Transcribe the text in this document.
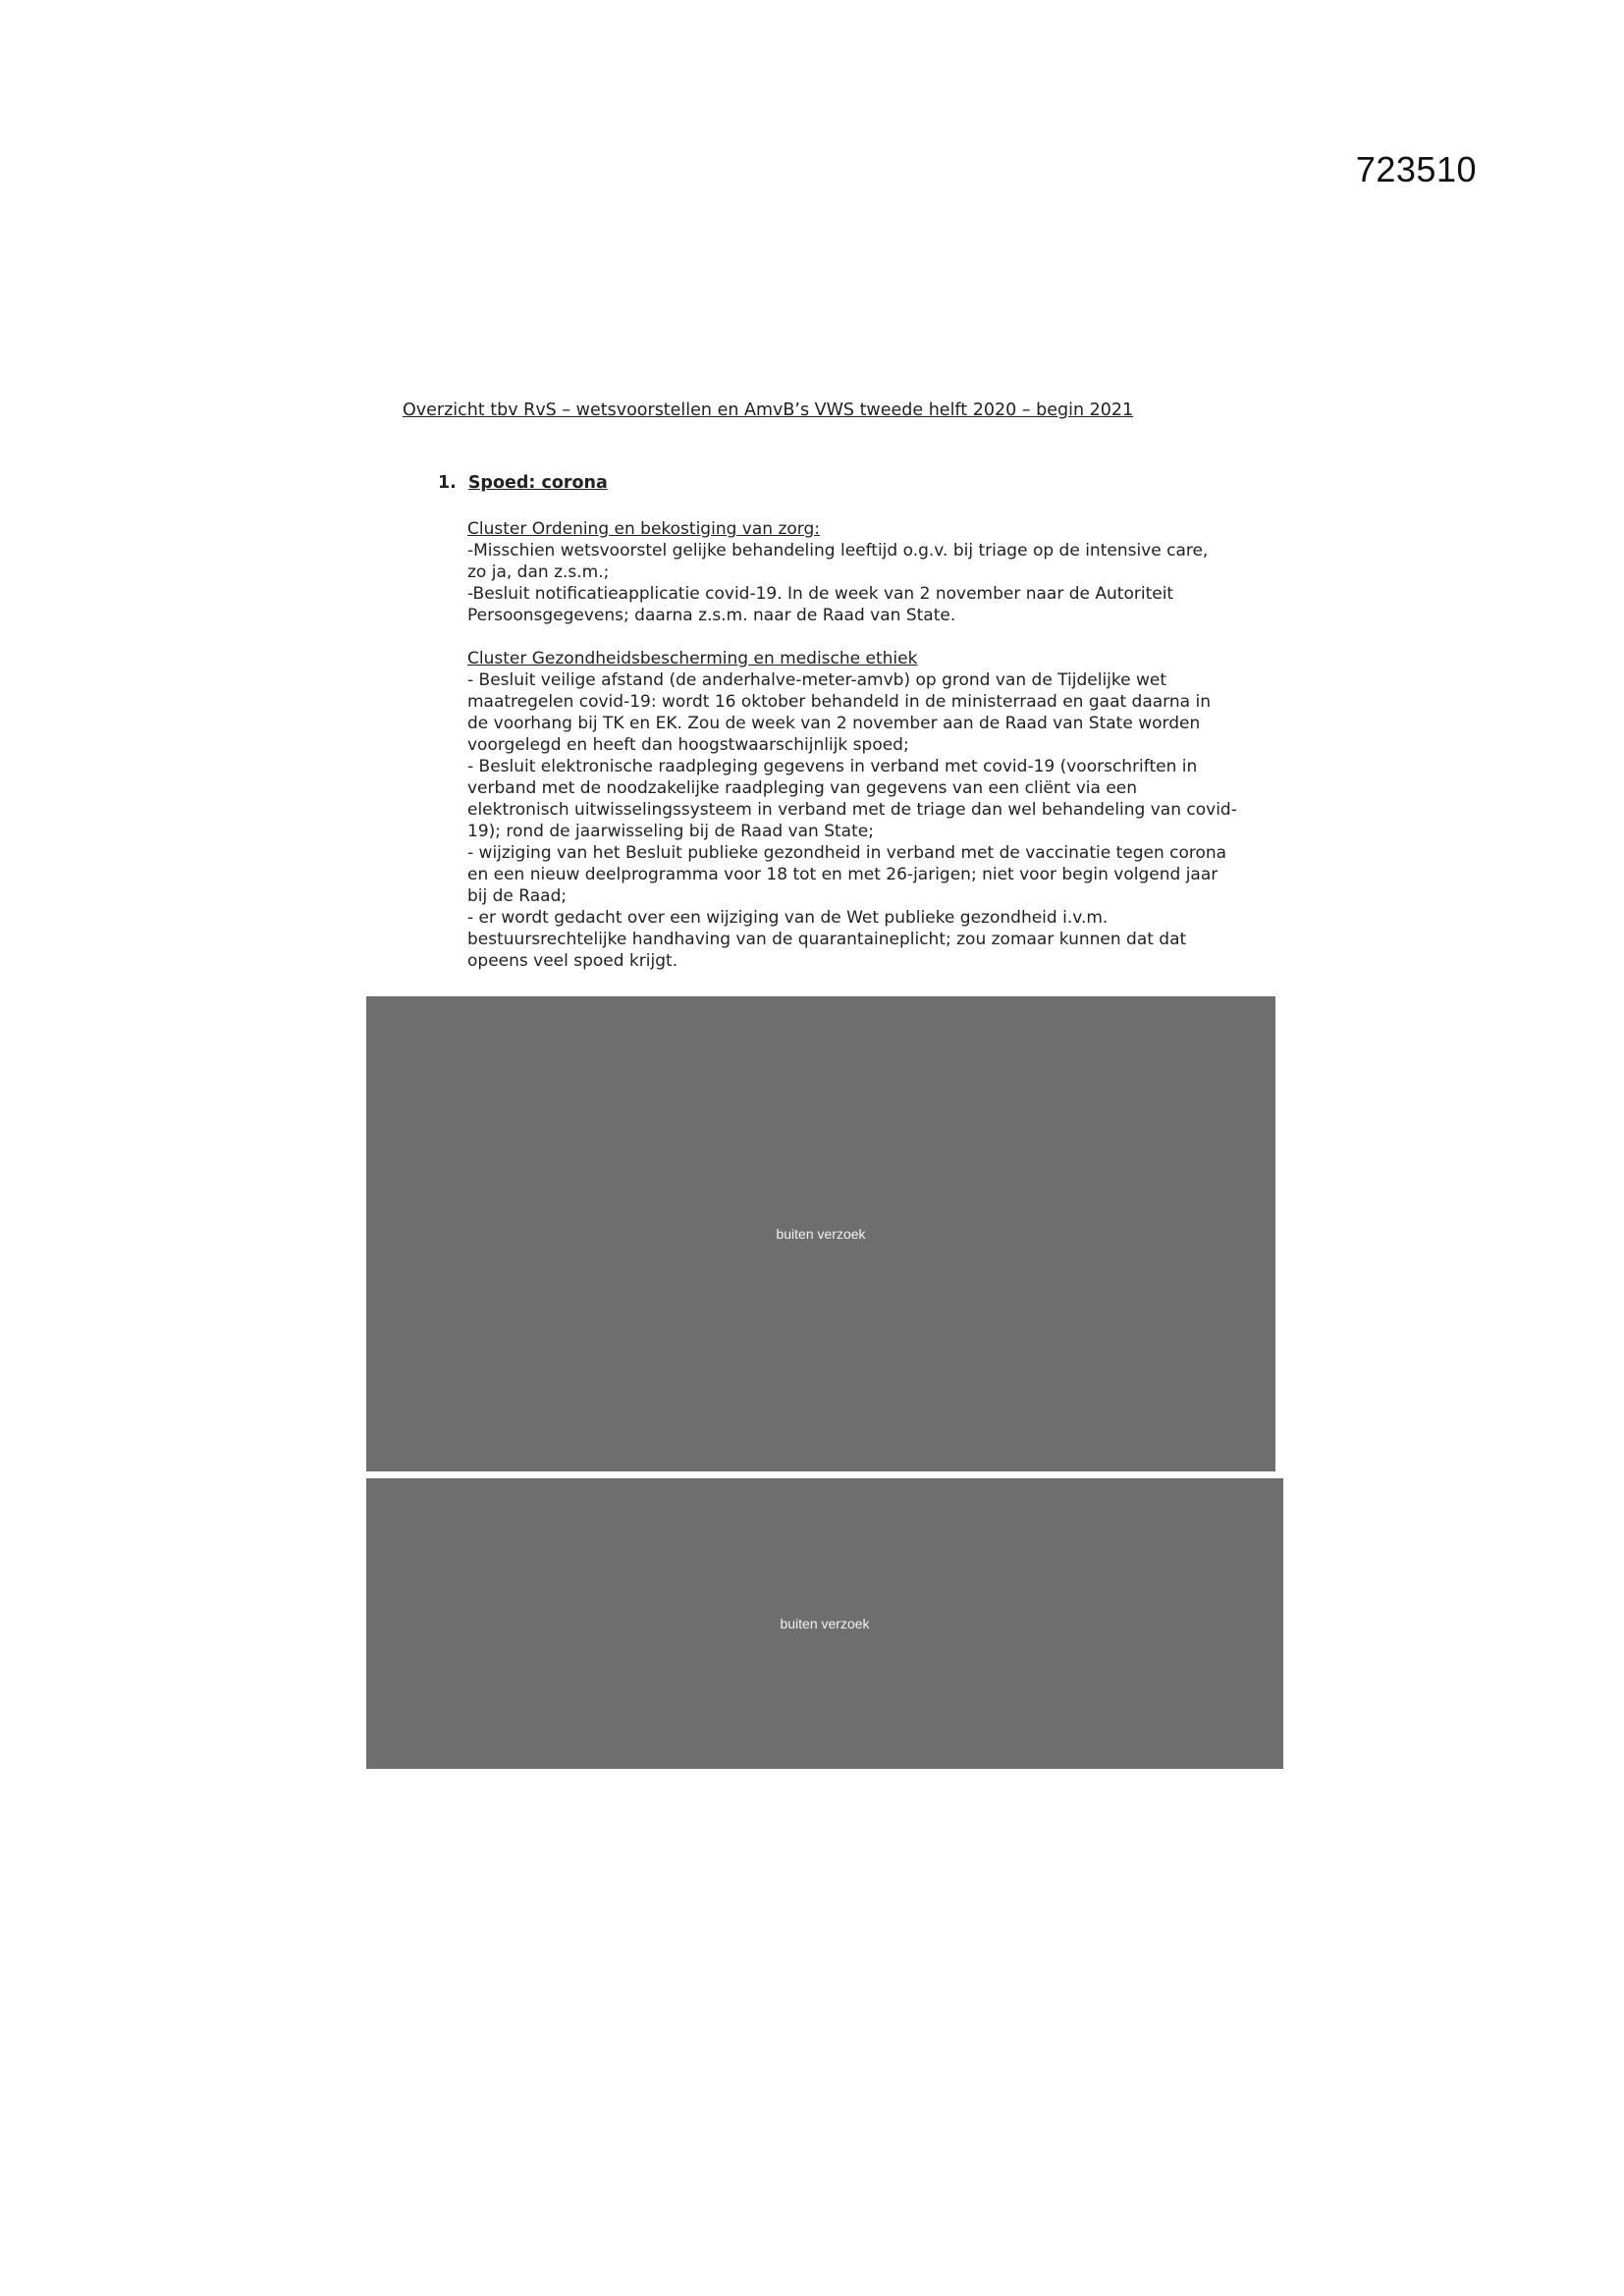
723510
Overzicht tbv RvS – wetsvoorstellen en AmvB’s VWS tweede helft 2020 – begin 2021
1. Spoed: corona
Cluster Ordening en bekostiging van zorg:
-Misschien wetsvoorstel gelijke behandeling leeftijd o.g.v. bij triage op de intensive care,
zo ja, dan z.s.m.;
-Besluit notificatieapplicatie covid-19. In de week van 2 november naar de Autoriteit
Persoonsgegevens; daarna z.s.m. naar de Raad van State.
Cluster Gezondheidsbescherming en medische ethiek
- Besluit veilige afstand (de anderhalve-meter-amvb) op grond van de Tijdelijke wet
maatregelen covid-19: wordt 16 oktober behandeld in de ministerraad en gaat daarna in
de voorhang bij TK en EK. Zou de week van 2 november aan de Raad van State worden
voorgelegd en heeft dan hoogstwaarschijnlijk spoed;
- Besluit elektronische raadpleging gegevens in verband met covid-19 (voorschriften in
verband met de noodzakelijke raadpleging van gegevens van een cliënt via een
elektronisch uitwisselingssysteem in verband met de triage dan wel behandeling van covid-
19); rond de jaarwisseling bij de Raad van State;
- wijziging van het Besluit publieke gezondheid in verband met de vaccinatie tegen corona
en een nieuw deelprogramma voor 18 tot en met 26-jarigen; niet voor begin volgend jaar
bij de Raad;
- er wordt gedacht over een wijziging van de Wet publieke gezondheid i.v.m.
bestuursrechtelijke handhaving van de quarantaineplicht; zou zomaar kunnen dat dat
opeens veel spoed krijgt.
buiten verzoek
buiten verzoek
